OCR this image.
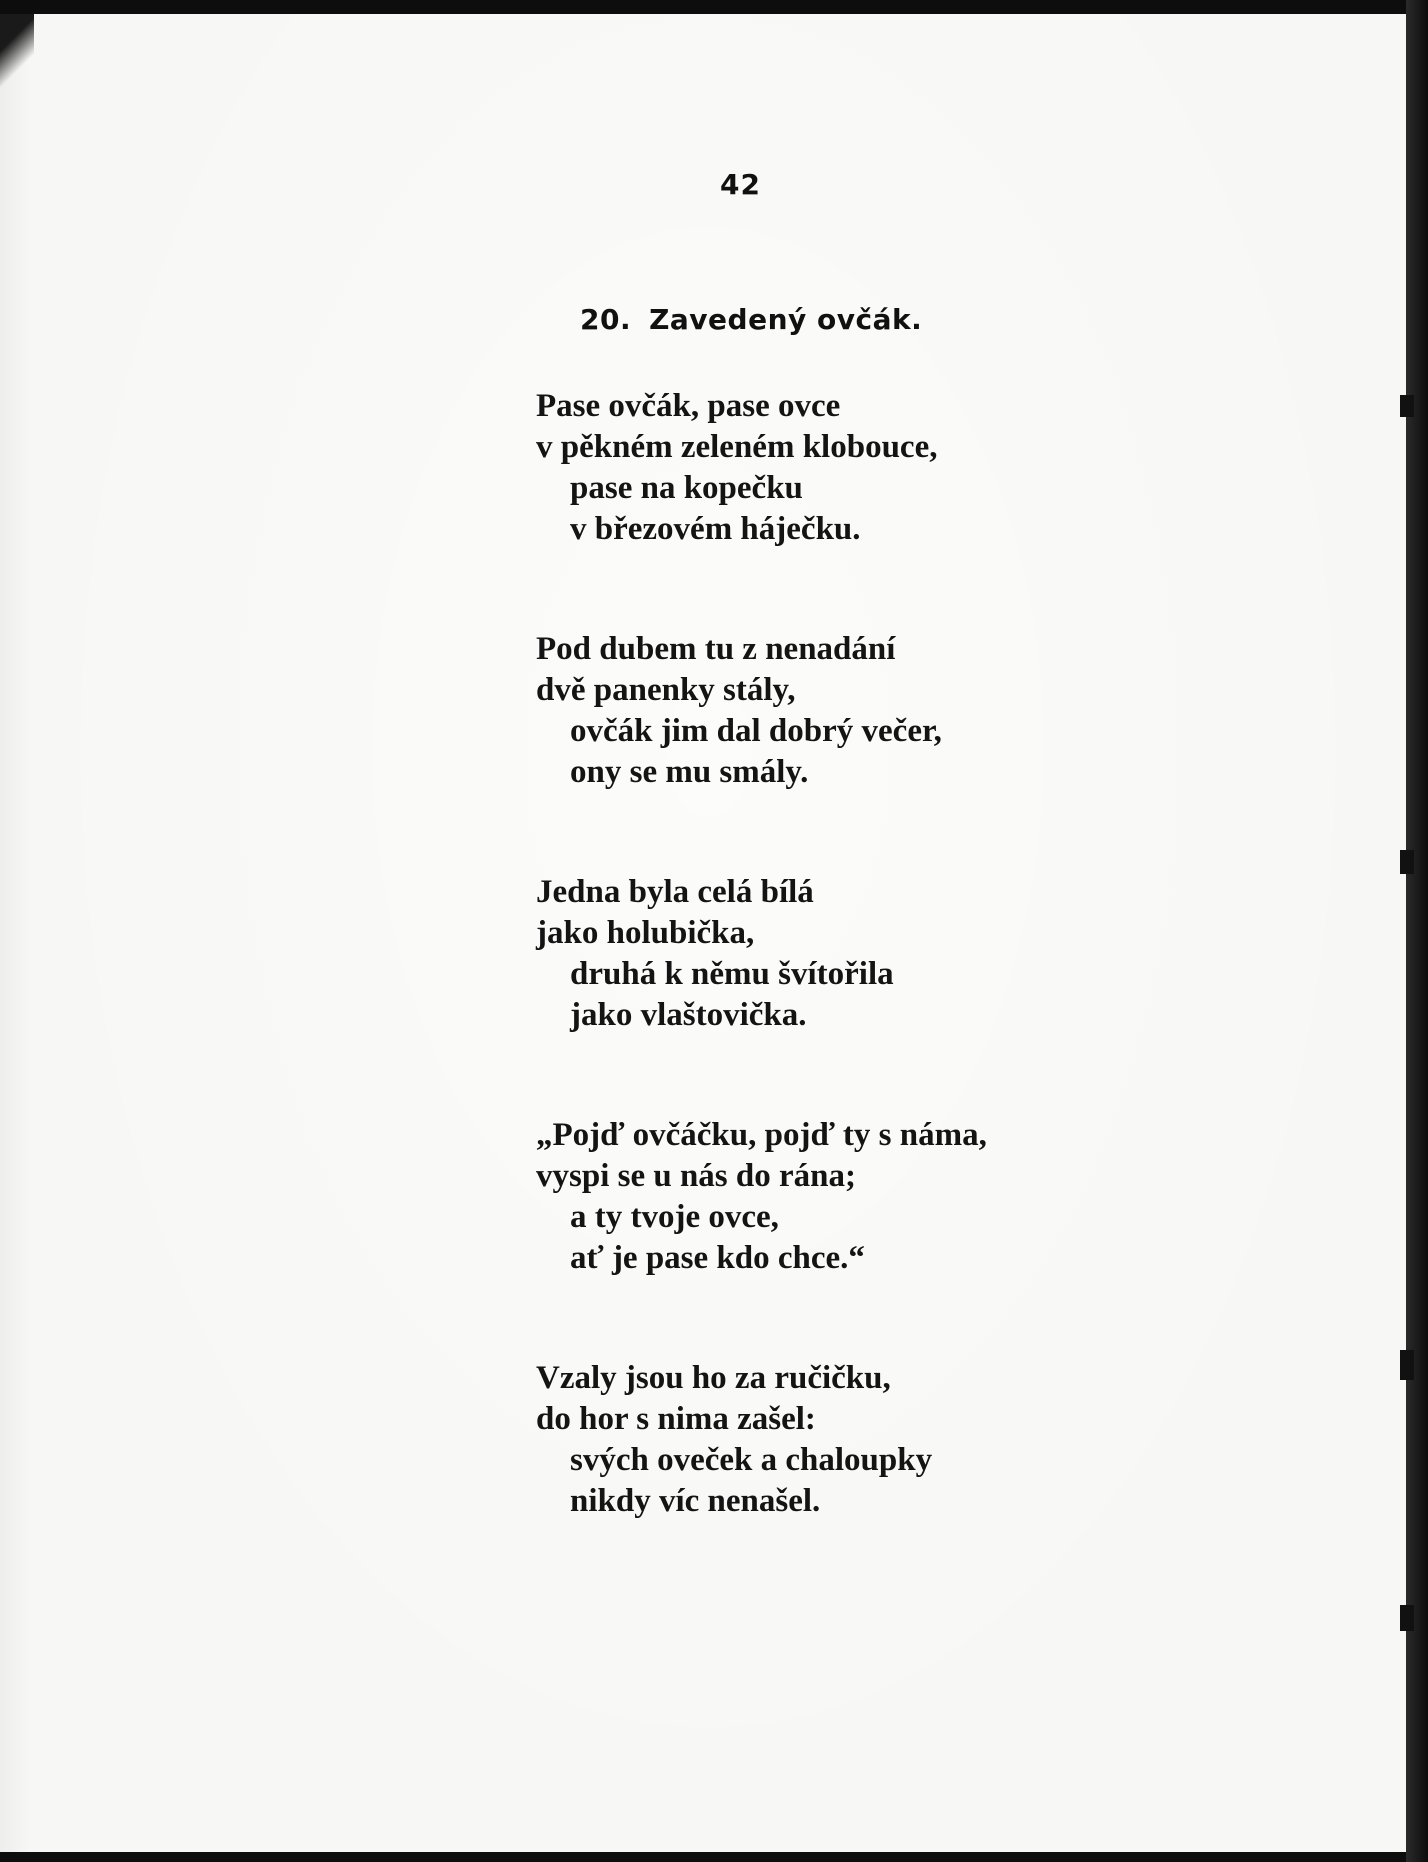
42
20. Zavedený ovčák.
Pase ovčák, pase ovce
v pěkném zeleném klobouce,
pase na kopečku
v březovém háječku.
Pod dubem tu z nenadání
dvě panenky stály,
ovčák jim dal dobrý večer,
ony se mu smály.
Jedna byla celá bílá
jako holubička,
druhá k němu švítořila
jako vlaštovička.
„Pojď ovčáčku, pojď ty s náma,
vyspi se u nás do rána;
a ty tvoje ovce,
ať je pase kdo chce.“
Vzaly jsou ho za ručičku,
do hor s nima zašel:
svých oveček a chaloupky
nikdy víc nenašel.
